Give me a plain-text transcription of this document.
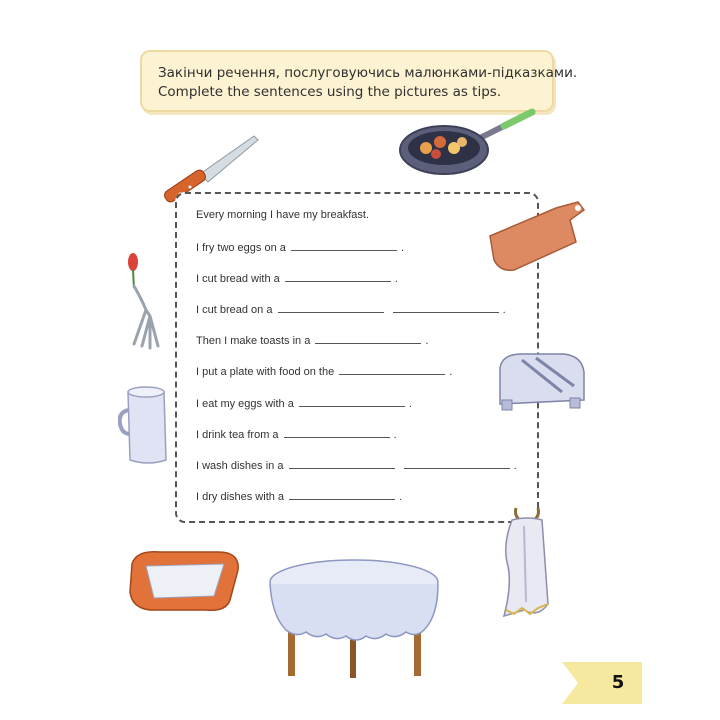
Закінчи речення, послуговуючись малюнками-підказками.
Complete the sentences using the pictures as tips.
Every morning I have my breakfast.
I fry two eggs on a	.
I cut bread with a	.
I cut bread on a	.
Then I make toasts in a	.
I put a plate with food on the	.
I eat my eggs with a	.
I drink tea from a	.
I wash dishes in a	.
I dry dishes with a	.
5
